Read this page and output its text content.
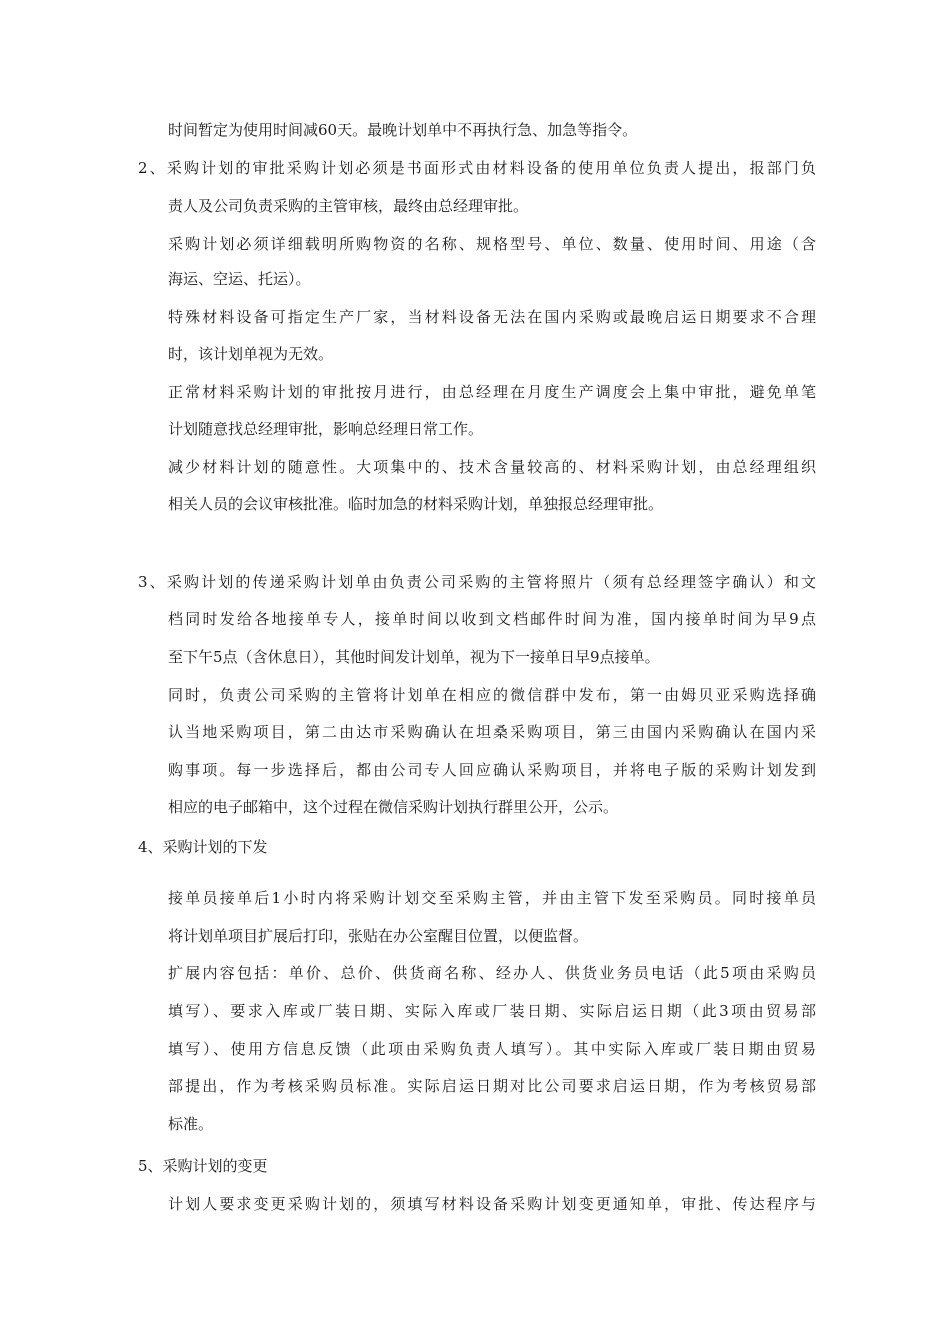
时间暂定为使用时间减60天。最晚计划单中不再执行急、加急等指令。
2、采购计划的审批采购计划必须是书面形式由材料设备的使用单位负责人提出，报部门负
责人及公司负责采购的主管审核，最终由总经理审批。
采购计划必须详细载明所购物资的名称、规格型号、单位、数量、使用时间、用途（含
海运、空运、托运）。
特殊材料设备可指定生产厂家，当材料设备无法在国内采购或最晚启运日期要求不合理
时，该计划单视为无效。
正常材料采购计划的审批按月进行，由总经理在月度生产调度会上集中审批，避免单笔
计划随意找总经理审批，影响总经理日常工作。
减少材料计划的随意性。大项集中的、技术含量较高的、材料采购计划，由总经理组织
相关人员的会议审核批准。临时加急的材料采购计划，单独报总经理审批。
3、采购计划的传递采购计划单由负责公司采购的主管将照片（须有总经理签字确认）和文
档同时发给各地接单专人，接单时间以收到文档邮件时间为准，国内接单时间为早9点
至下午5点（含休息日），其他时间发计划单，视为下一接单日早9点接单。
同时，负责公司采购的主管将计划单在相应的微信群中发布，第一由姆贝亚采购选择确
认当地采购项目，第二由达市采购确认在坦桑采购项目，第三由国内采购确认在国内采
购事项。每一步选择后，都由公司专人回应确认采购项目，并将电子版的采购计划发到
相应的电子邮箱中，这个过程在微信采购计划执行群里公开，公示。
4、采购计划的下发
接单员接单后1小时内将采购计划交至采购主管，并由主管下发至采购员。同时接单员
将计划单项目扩展后打印，张贴在办公室醒目位置，以便监督。
扩展内容包括：单价、总价、供货商名称、经办人、供货业务员电话（此5项由采购员
填写）、要求入库或厂装日期、实际入库或厂装日期、实际启运日期（此3项由贸易部
填写）、使用方信息反馈（此项由采购负责人填写）。其中实际入库或厂装日期由贸易
部提出，作为考核采购员标准。实际启运日期对比公司要求启运日期，作为考核贸易部
标准。
5、采购计划的变更
计划人要求变更采购计划的，须填写材料设备采购计划变更通知单，审批、传达程序与
